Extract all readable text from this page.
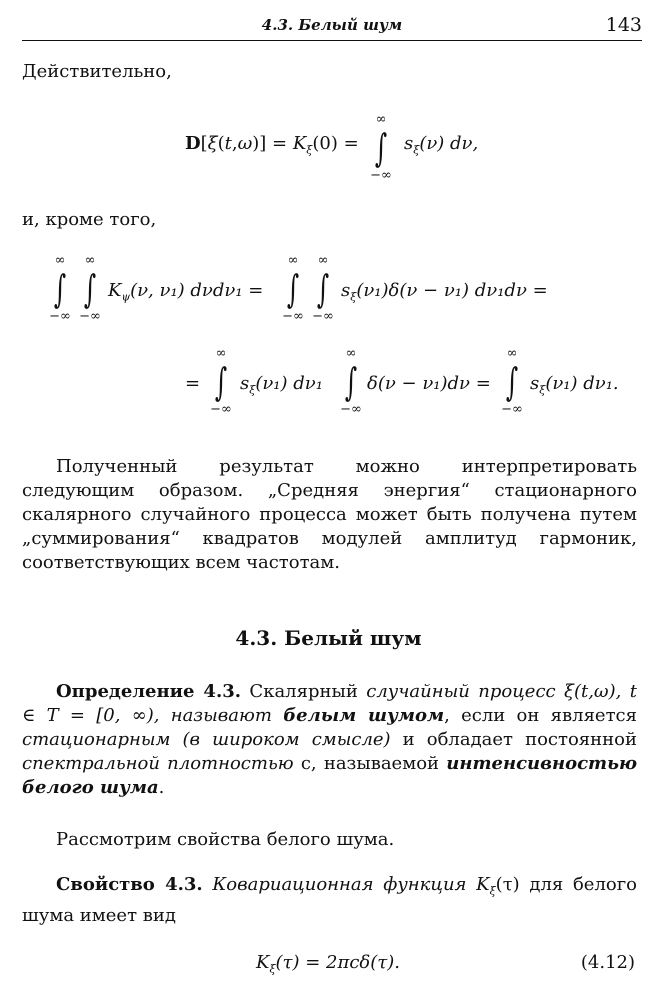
4.3. Белый шум	143

Действительно,

$D[\xi(t,\omega)] = K_\xi(0)$ =
∞
∫
−∞
$s_\xi(\nu)$ dν,

и, кроме того,

∞
∫
−∞
∞
∫
−∞
$K_\psi(\nu$, ν₁) dνdν₁ =
∞
∫
−∞
∞
∫
−∞
$s_\xi(\nu_1)\delta(\nu - \nu_1) d\nu_1d\nu$ =
=
∞
∫
−∞
$s_\xi(\nu_1)$ dν₁
∞
∫
−∞
δ(ν − ν₁)dν =
∞
∫
−∞
$s_\xi(\nu_1)$ dν₁.

Полученный результат можно интерпретировать следующим образом. „Средняя энергия“ стационарного скалярного случайного процесса может быть получена путем „суммирования“ квадратов модулей амплитуд гармоник, соответствующих всем частотам.

4.3. Белый шум

Определение 4.3. Скалярный случайный процесс ξ(t,ω), t ∈ T = [0, ∞), называют белым шумом, если он является стационарным (в широком смысле) и обладает постоянной спектральной плотностью c, называемой интенсивностью белого шума.

Рассмотрим свойства белого шума.

Свойство 4.3. Ковариационная функция $K_\xi(\tau)$ для белого шума имеет вид

$K_\xi(\tau) = 2\pi c\delta(\tau)$.	(4.12)
